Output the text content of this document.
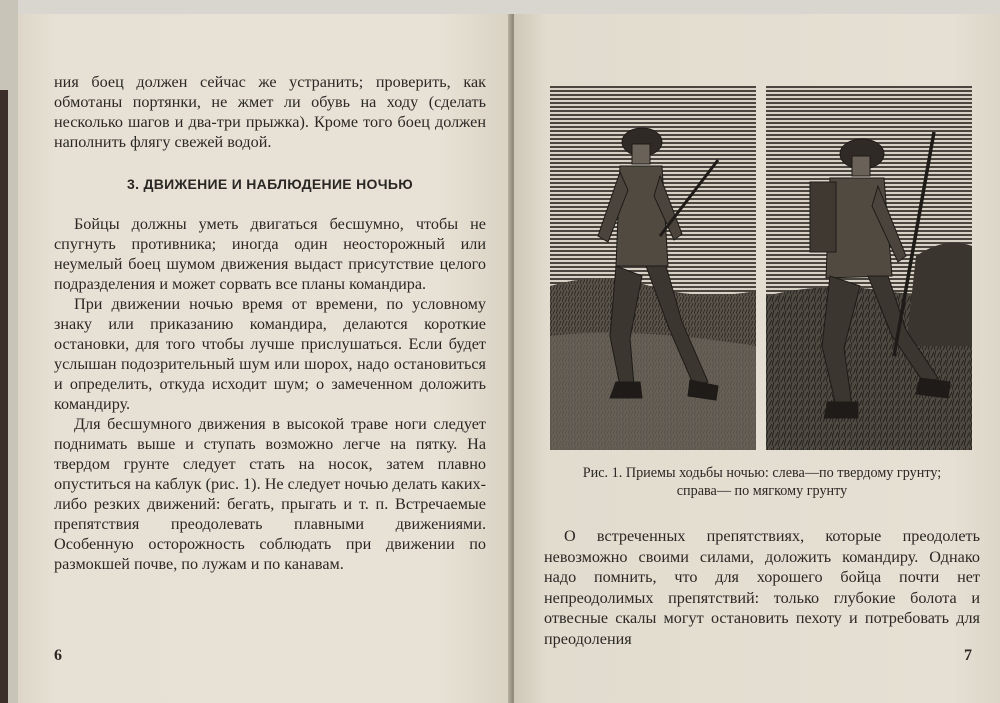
ния боец должен сейчас же устранить; проверить, как обмотаны портянки, не жмет ли обувь на ходу (сделать несколько шагов и два-три прыжка). Кроме того боец должен наполнить флягу свежей водой.

3. ДВИЖЕНИЕ И НАБЛЮДЕНИЕ НОЧЬЮ

Бойцы должны уметь двигаться бесшумно, чтобы не спугнуть противника; иногда один неосторожный или неумелый боец шумом движения выдаст присутствие целого подразделения и может сорвать все планы командира.

При движении ночью время от времени, по условному знаку или приказанию командира, делаются короткие остановки, для того чтобы лучше прислушаться. Если будет услышан подозрительный шум или шорох, надо остановиться и определить, откуда исходит шум; о замеченном доложить командиру.

Для бесшумного движения в высокой траве ноги следует поднимать выше и ступать возможно легче на пятку. На твердом грунте следует стать на носок, затем плавно опуститься на каблук (рис. 1). Не следует ночью делать каких-либо резких движений: бегать, прыгать и т. п. Встречаемые препятствия преодолевать плавными движениями. Особенную осторожность соблюдать при движении по размокшей почве, по лужам и по канавам.

6
Рис. 1. Приемы ходьбы ночью: слева—по твердому грунту;
справа— по мягкому грунту

О встреченных препятствиях, которые преодолеть невозможно своими силами, доложить командиру. Однако надо помнить, что для хорошего бойца почти нет непреодолимых препятствий: только глубокие болота и отвесные скалы могут остановить пехоту и потребовать для преодоления

7
